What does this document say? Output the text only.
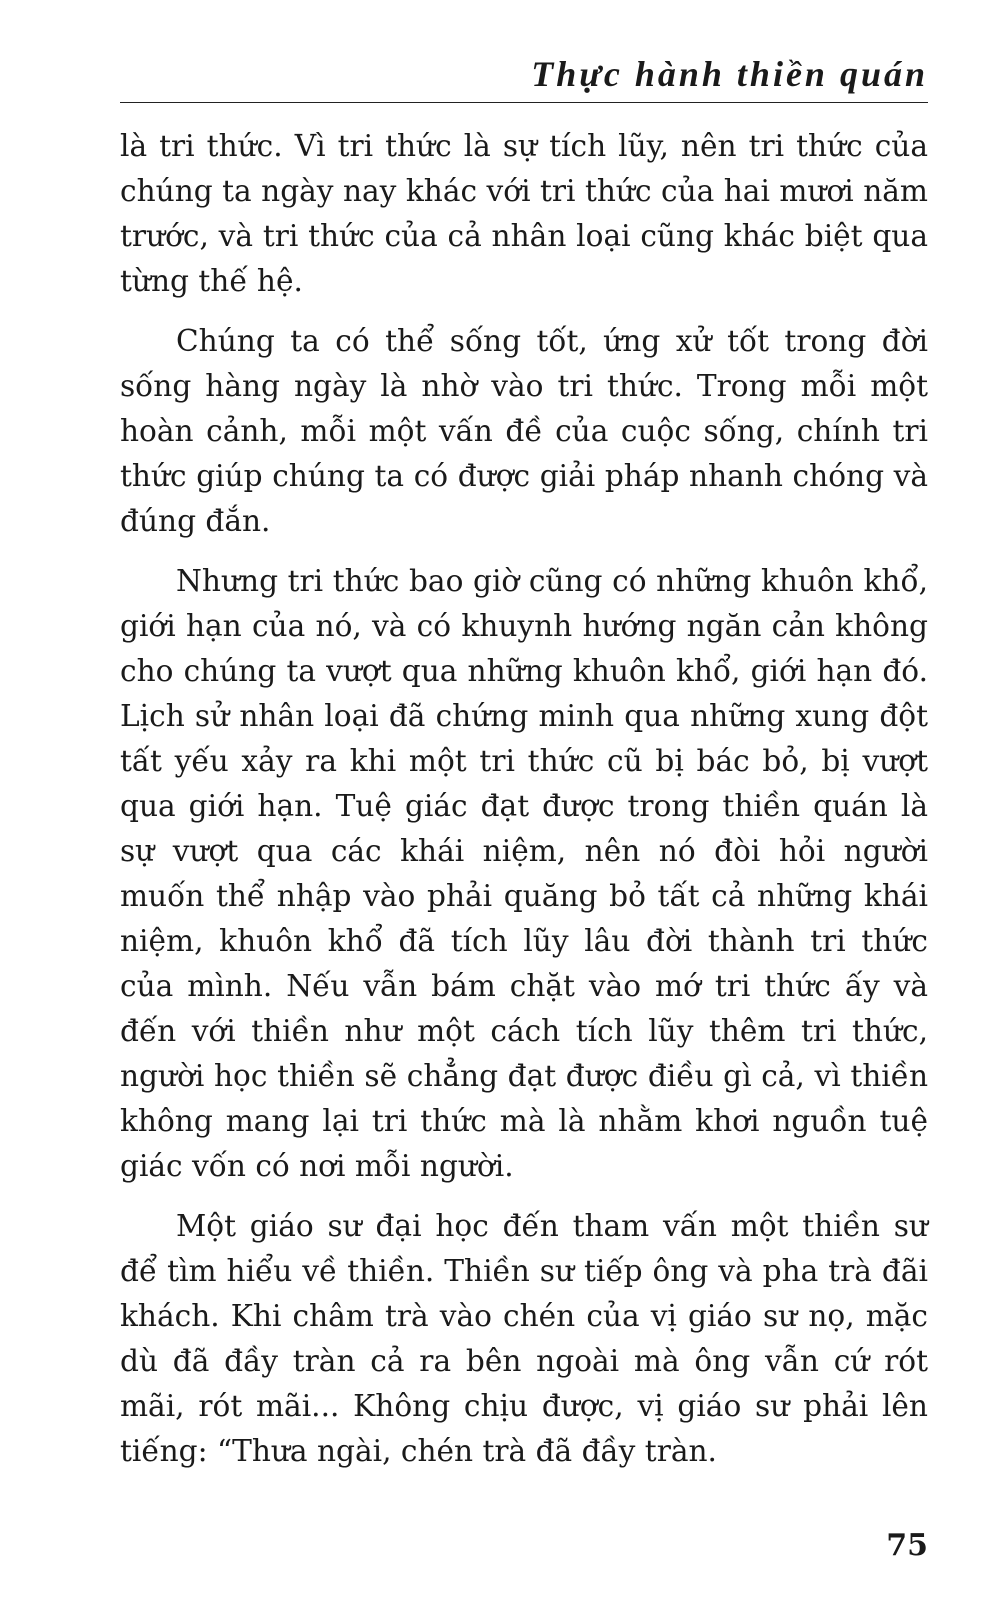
Thực hành thiền quán

là tri thức. Vì tri thức là sự tích lũy, nên tri thức của chúng ta ngày nay khác với tri thức của hai mươi năm trước, và tri thức của cả nhân loại cũng khác biệt qua từng thế hệ.

Chúng ta có thể sống tốt, ứng xử tốt trong đời sống hàng ngày là nhờ vào tri thức. Trong mỗi một hoàn cảnh, mỗi một vấn đề của cuộc sống, chính tri thức giúp chúng ta có được giải pháp nhanh chóng và đúng đắn.

Nhưng tri thức bao giờ cũng có những khuôn khổ, giới hạn của nó, và có khuynh hướng ngăn cản không cho chúng ta vượt qua những khuôn khổ, giới hạn đó. Lịch sử nhân loại đã chứng minh qua những xung đột tất yếu xảy ra khi một tri thức cũ bị bác bỏ, bị vượt qua giới hạn. Tuệ giác đạt được trong thiền quán là sự vượt qua các khái niệm, nên nó đòi hỏi người muốn thể nhập vào phải quăng bỏ tất cả những khái niệm, khuôn khổ đã tích lũy lâu đời thành tri thức của mình. Nếu vẫn bám chặt vào mớ tri thức ấy và đến với thiền như một cách tích lũy thêm tri thức, người học thiền sẽ chẳng đạt được điều gì cả, vì thiền không mang lại tri thức mà là nhằm khơi nguồn tuệ giác vốn có nơi mỗi người.

Một giáo sư đại học đến tham vấn một thiền sư để tìm hiểu về thiền. Thiền sư tiếp ông và pha trà đãi khách. Khi châm trà vào chén của vị giáo sư nọ, mặc dù đã đầy tràn cả ra bên ngoài mà ông vẫn cứ rót mãi, rót mãi... Không chịu được, vị giáo sư phải lên tiếng: “Thưa ngài, chén trà đã đầy tràn.

75
